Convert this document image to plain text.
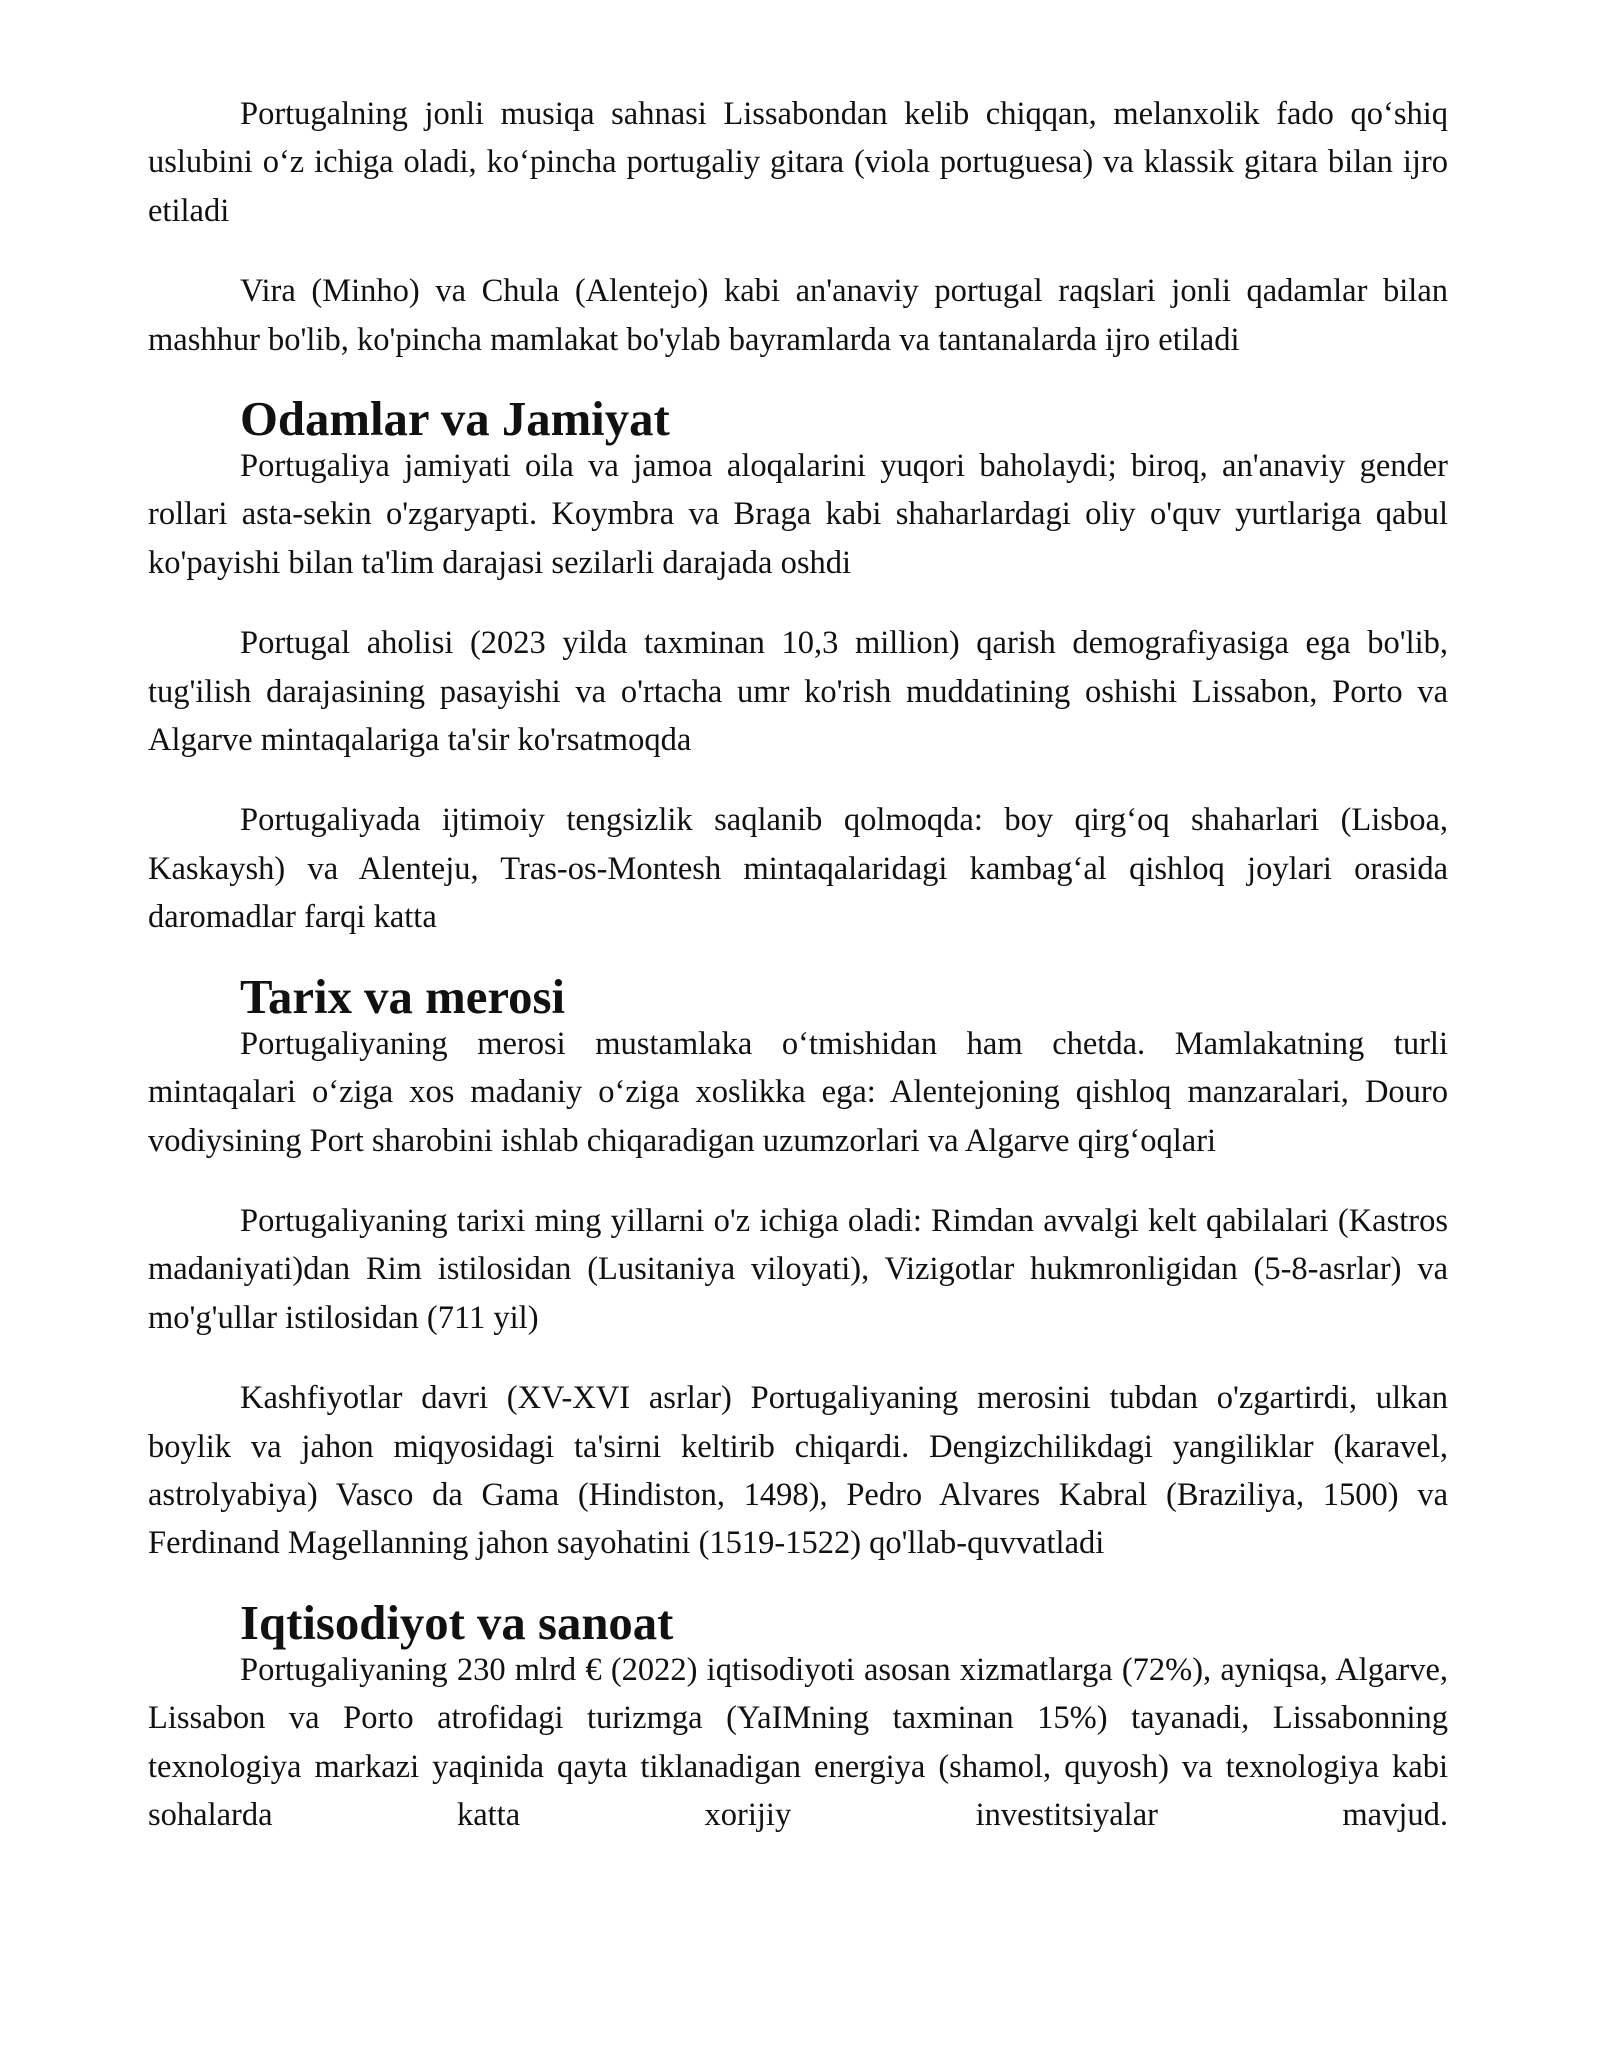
Portugalning jonli musiqa sahnasi Lissabondan kelib chiqqan, melanxolik fado qo‘shiq uslubini o‘z ichiga oladi, ko‘pincha portugaliy gitara (viola portuguesa) va klassik gitara bilan ijro etiladi

Vira (Minho) va Chula (Alentejo) kabi an'anaviy portugal raqslari jonli qadamlar bilan mashhur bo'lib, ko'pincha mamlakat bo'ylab bayramlarda va tantanalarda ijro etiladi

Odamlar va Jamiyat

Portugaliya jamiyati oila va jamoa aloqalarini yuqori baholaydi; biroq, an'anaviy gender rollari asta-sekin o'zgaryapti. Koymbra va Braga kabi shaharlardagi oliy o'quv yurtlariga qabul ko'payishi bilan ta'lim darajasi sezilarli darajada oshdi

Portugal aholisi (2023 yilda taxminan 10,3 million) qarish demografiyasiga ega bo'lib, tug'ilish darajasining pasayishi va o'rtacha umr ko'rish muddatining oshishi Lissabon, Porto va Algarve mintaqalariga ta'sir ko'rsatmoqda

Portugaliyada ijtimoiy tengsizlik saqlanib qolmoqda: boy qirg‘oq shaharlari (Lisboa, Kaskaysh) va Alenteju, Tras-os-Montesh mintaqalaridagi kambag‘al qishloq joylari orasida daromadlar farqi katta

Tarix va merosi

Portugaliyaning merosi mustamlaka o‘tmishidan ham chetda. Mamlakatning turli mintaqalari o‘ziga xos madaniy o‘ziga xoslikka ega: Alentejoning qishloq manzaralari, Douro vodiysining Port sharobini ishlab chiqaradigan uzumzorlari va Algarve qirg‘oqlari

Portugaliyaning tarixi ming yillarni o'z ichiga oladi: Rimdan avvalgi kelt qabilalari (Kastros madaniyati)dan Rim istilosidan (Lusitaniya viloyati), Vizigotlar hukmronligidan (5-8-asrlar) va mo'g'ullar istilosidan (711 yil)

Kashfiyotlar davri (XV-XVI asrlar) Portugaliyaning merosini tubdan o'zgartirdi, ulkan boylik va jahon miqyosidagi ta'sirni keltirib chiqardi. Dengizchilikdagi yangiliklar (karavel, astrolyabiya) Vasco da Gama (Hindiston, 1498), Pedro Alvares Kabral (Braziliya, 1500) va Ferdinand Magellanning jahon sayohatini (1519-1522) qo'llab-quvvatladi

Iqtisodiyot va sanoat

Portugaliyaning 230 mlrd € (2022) iqtisodiyoti asosan xizmatlarga (72%), ayniqsa, Algarve, Lissabon va Porto atrofidagi turizmga (YaIMning taxminan 15%) tayanadi, Lissabonning texnologiya markazi yaqinida qayta tiklanadigan energiya (shamol, quyosh) va texnologiya kabi sohalarda katta xorijiy investitsiyalar mavjud.
